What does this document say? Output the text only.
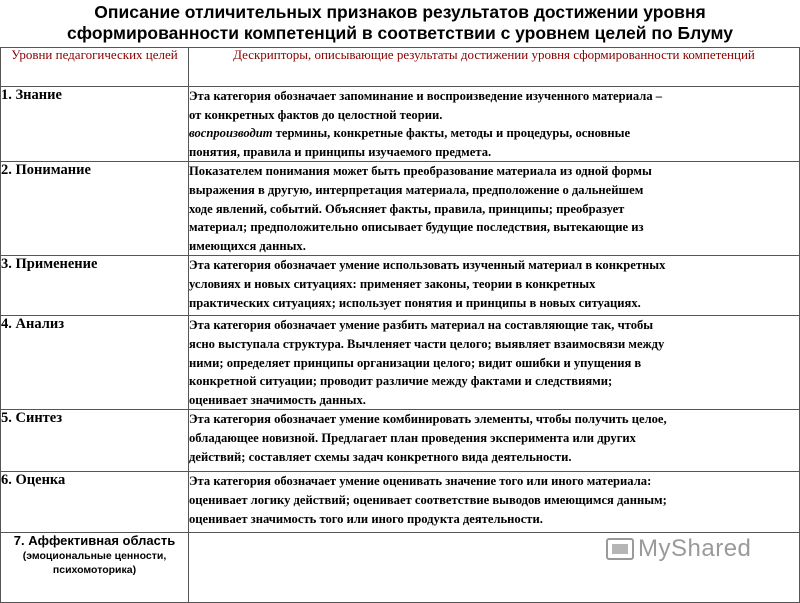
Описание отличительных признаков результатов достижении уровня
сформированности компетенций в соответствии с уровнем целей по Блуму
Уровни педагогических целей	Дескрипторы, описывающие результаты достижении уровня сформированности компетенций
1. Знание	Эта категория обозначает запоминание и воспроизведение изученного материала –
от конкретных фактов до целостной теории.
воспроизводит термины, конкретные факты, методы и процедуры, основные
понятия, правила и принципы изучаемого предмета.
2. Понимание	Показателем понимания может быть преобразование материала из одной формы
выражения в другую, интерпретация материала, предположение о дальнейшем
ходе явлений, событий. Объясняет факты, правила, принципы; преобразует
материал; предположительно описывает будущие последствия, вытекающие из
имеющихся данных.
3. Применение	Эта категория обозначает умение использовать изученный материал в конкретных
условиях и новых ситуациях: применяет законы, теории в конкретных
практических ситуациях; использует понятия и принципы в новых ситуациях.
4. Анализ	Эта категория обозначает умение разбить материал на составляющие так, чтобы
ясно выступала структура. Вычленяет части целого; выявляет взаимосвязи между
ними; определяет принципы организации целого; видит ошибки и упущения в
конкретной ситуации; проводит различие между фактами и следствиями;
оценивает значимость данных.
5. Синтез	Эта категория обозначает умение комбинировать элементы, чтобы получить целое,
обладающее новизной. Предлагает план проведения эксперимента или других
действий; составляет схемы задач конкретного вида деятельности.
6. Оценка	Эта категория обозначает умение оценивать значение того или иного материала:
оценивает логику действий; оценивает соответствие выводов имеющимся данным;
оценивает значимость того или иного продукта деятельности.

7. Аффективная область
(эмоциональные ценности, психомоторика)	

MyShared
